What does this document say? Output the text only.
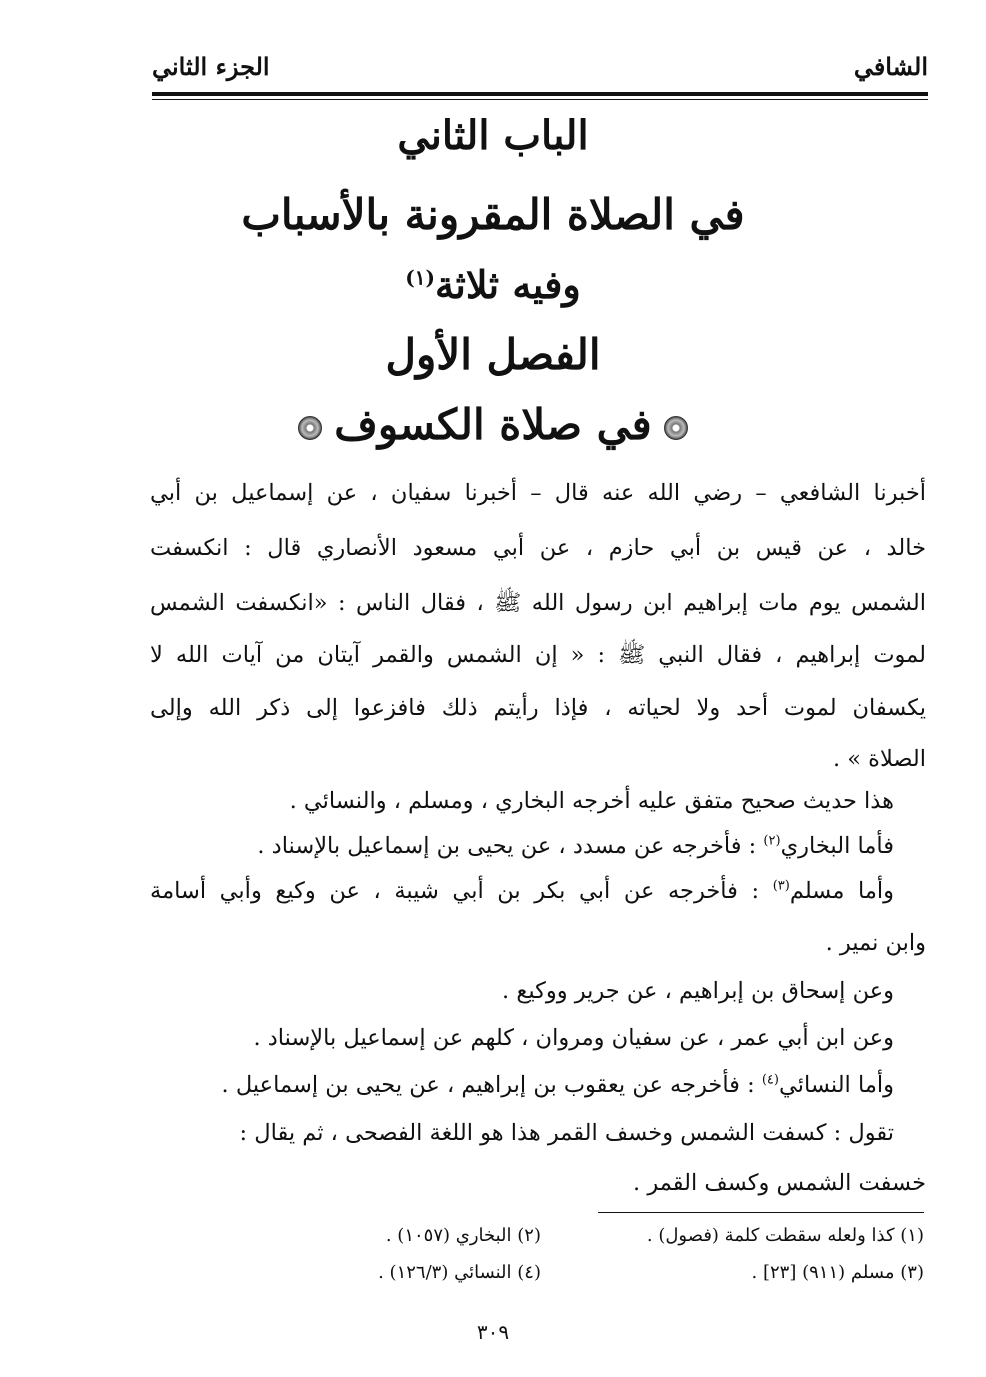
الشافي
الجزء الثاني
الباب الثاني
في الصلاة المقرونة بالأسباب
وفيه ثلاثة$^{(١)}$
الفصل الأول
في صلاة الكسوف
أخبرنا الشافعي – رضي الله عنه قال – أخبرنا سفيان ، عن إسماعيل بن أبي
خالد ، عن قيس بن أبي حازم ، عن أبي مسعود الأنصاري قال : انكسفت
الشمس يوم مات إبراهيم ابن رسول الله ﷺ ، فقال الناس : «انكسفت الشمس
لموت إبراهيم ، فقال النبي ﷺ : « إن الشمس والقمر آيتان من آيات الله لا
يكسفان لموت أحد ولا لحياته ، فإذا رأيتم ذلك فافزعوا إلى ذكر الله وإلى
الصلاة » .
هذا حديث صحيح متفق عليه أخرجه البخاري ، ومسلم ، والنسائي .
فأما البخاري$^{(٢)}$ : فأخرجه عن مسدد ، عن يحيى بن إسماعيل بالإسناد .
وأما مسلم$^{(٣)}$ : فأخرجه عن أبي بكر بن أبي شيبة ، عن وكيع وأبي أسامة
وابن نمير .
وعن إسحاق بن إبراهيم ، عن جرير ووكيع .
وعن ابن أبي عمر ، عن سفيان ومروان ، كلهم عن إسماعيل بالإسناد .
وأما النسائي$^{(٤)}$ : فأخرجه عن يعقوب بن إبراهيم ، عن يحيى بن إسماعيل .
تقول : كسفت الشمس وخسف القمر هذا هو اللغة الفصحى ، ثم يقال :
خسفت الشمس وكسف القمر .
(١) كذا ولعله سقطت كلمة (فصول) .
(٢) البخاري (١٠٥٧) .
(٣) مسلم (٩١١) [٢٣] .
(٤) النسائي (١٢٦/٣) .
٣٠٩
